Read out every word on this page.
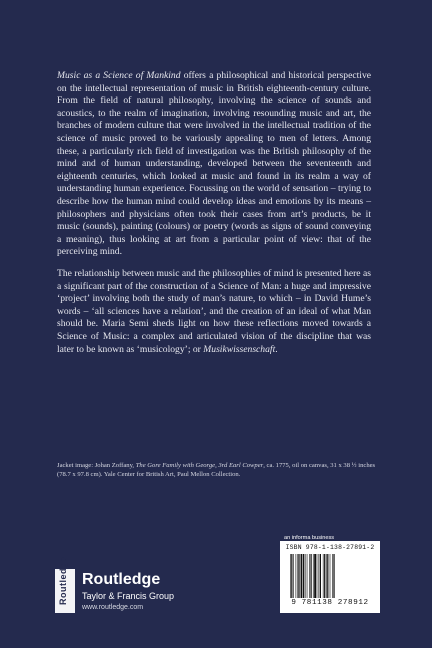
Music as a Science of Mankind offers a philosophical and historical perspective on the intellectual representation of music in British eighteenth-century culture. From the field of natural philosophy, involving the science of sounds and acoustics, to the realm of imagination, involving resounding music and art, the branches of modern culture that were involved in the intellectual tradition of the science of music proved to be variously appealing to men of letters. Among these, a particularly rich field of investigation was the British philosophy of the mind and of human understanding, developed between the seventeenth and eighteenth centuries, which looked at music and found in its realm a way of understanding human experience. Focussing on the world of sensation – trying to describe how the human mind could develop ideas and emotions by its means – philosophers and physicians often took their cases from art’s products, be it music (sounds), painting (colours) or poetry (words as signs of sound conveying a meaning), thus looking at art from a particular point of view: that of the perceiving mind.

The relationship between music and the philosophies of mind is presented here as a significant part of the construction of a Science of Man: a huge and impressive ‘project’ involving both the study of man’s nature, to which – in David Hume’s words – ‘all sciences have a relation’, and the creation of an ideal of what Man should be. Maria Semi sheds light on how these reflections moved towards a Science of Music: a complex and articulated vision of the discipline that was later to be known as ‘musicology’; or Musikwissenschaft.

Jacket image: Johan Zoffany, The Gore Family with George, 3rd Earl Cowper, ca. 1775, oil on canvas, 31 x 38 ½ inches (78.7 x 97.8 cm). Yale Center for British Art, Paul Mellon Collection.

Routledge Routledge
Taylor & Francis Group
www.routledge.com
an informa business
ISBN 978-1-138-27891-2
9 781138 278912
